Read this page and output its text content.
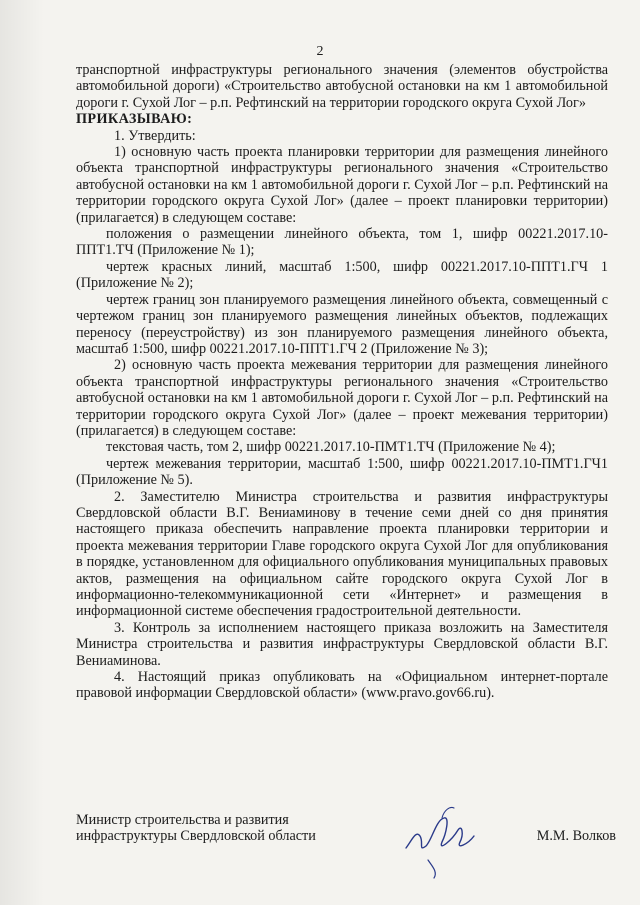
2

транспортной инфраструктуры регионального значения (элементов обустройства автомобильной дороги) «Строительство автобусной остановки на км 1 автомобильной дороги г. Сухой Лог – р.п. Рефтинский на территории городского округа Сухой Лог»

ПРИКАЗЫВАЮ:

1. Утвердить:

1) основную часть проекта планировки территории для размещения линейного объекта транспортной инфраструктуры регионального значения «Строительство автобусной остановки на км 1 автомобильной дороги г. Сухой Лог – р.п. Рефтинский на территории городского округа Сухой Лог» (далее – проект планировки территории) (прилагается) в следующем составе:

положения о размещении линейного объекта, том 1, шифр 00221.2017.10-ППТ1.ТЧ (Приложение № 1);

чертеж красных линий, масштаб 1:500, шифр 00221.2017.10-ППТ1.ГЧ 1 (Приложение № 2);

чертеж границ зон планируемого размещения линейного объекта, совмещенный с чертежом границ зон планируемого размещения линейных объектов, подлежащих переносу (переустройству) из зон планируемого размещения линейного объекта, масштаб 1:500, шифр 00221.2017.10-ППТ1.ГЧ 2 (Приложение № 3);

2) основную часть проекта межевания территории для размещения линейного объекта транспортной инфраструктуры регионального значения «Строительство автобусной остановки на км 1 автомобильной дороги г. Сухой Лог – р.п. Рефтинский на территории городского округа Сухой Лог» (далее – проект межевания территории) (прилагается) в следующем составе:

текстовая часть, том 2, шифр 00221.2017.10-ПМТ1.ТЧ (Приложение № 4);

чертеж межевания территории, масштаб 1:500, шифр 00221.2017.10-ПМТ1.ГЧ1 (Приложение № 5).

2. Заместителю Министра строительства и развития инфраструктуры Свердловской области В.Г. Вениаминову в течение семи дней со дня принятия настоящего приказа обеспечить направление проекта планировки территории и проекта межевания территории Главе городского округа Сухой Лог для опубликования в порядке, установленном для официального опубликования муниципальных правовых актов, размещения на официальном сайте городского округа Сухой Лог в информационно-телекоммуникационной сети «Интернет» и размещения в информационной системе обеспечения градостроительной деятельности.

3. Контроль за исполнением настоящего приказа возложить на Заместителя Министра строительства и развития инфраструктуры Свердловской области В.Г. Вениаминова.

4. Настоящий приказ опубликовать на «Официальном интернет-портале правовой информации Свердловской области» (www.pravo.gov66.ru).

Министр строительства и развития
инфраструктуры Свердловской области	М.М. Волков
